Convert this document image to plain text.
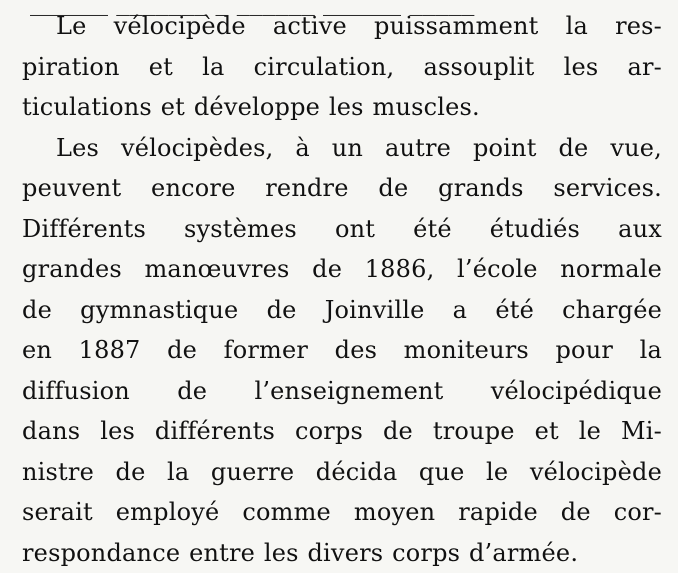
______ _______ _ ______ ______ _____
Le vélocipède active puissamment la res-
piration et la circulation, assouplit les ar-
ticulations et développe les muscles.
Les vélocipèdes, à un autre point de vue,
peuvent encore rendre de grands services.
Différents systèmes ont été étudiés aux
grandes manœuvres de 1886, l’école normale
de gymnastique de Joinville a été chargée
en 1887 de former des moniteurs pour la
diffusion de l’enseignement vélocipédique
dans les différents corps de troupe et le Mi-
nistre de la guerre décida que le vélocipède
serait employé comme moyen rapide de cor-
respondance entre les divers corps d’armée.
